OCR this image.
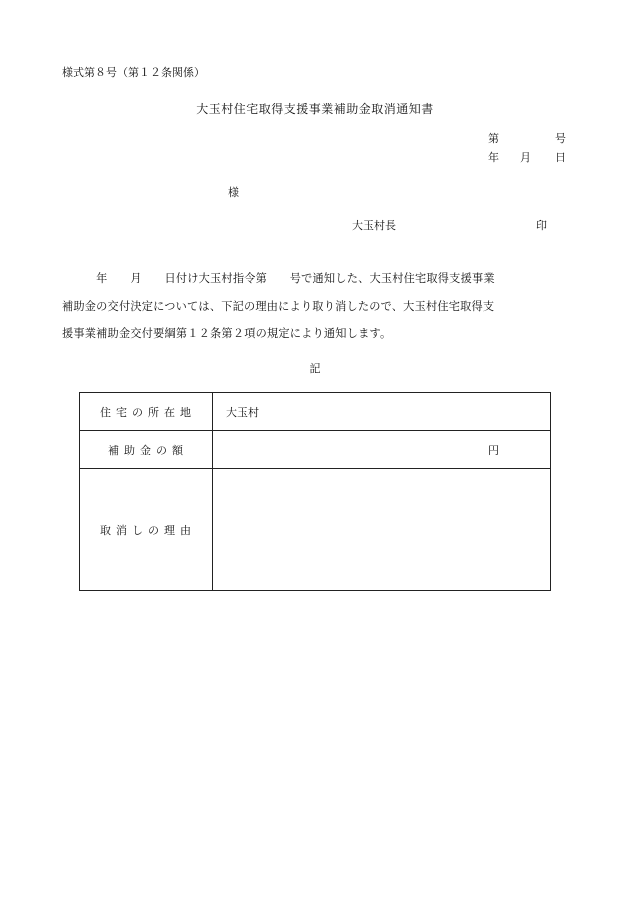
様式第８号（第１２条関係）
大玉村住宅取得支援事業補助金取消通知書
第	号
年 月 日
様
大玉村長	印
　　　年　　月　　日付け大玉村指令第　　号で通知した、大玉村住宅取得支援事業
補助金の交付決定については、下記の理由により取り消したので、大玉村住宅取得支
援事業補助金交付要綱第１２条第２項の規定により通知します。
記
住宅の所在地	大玉村
補助金の額	円
取消しの理由
